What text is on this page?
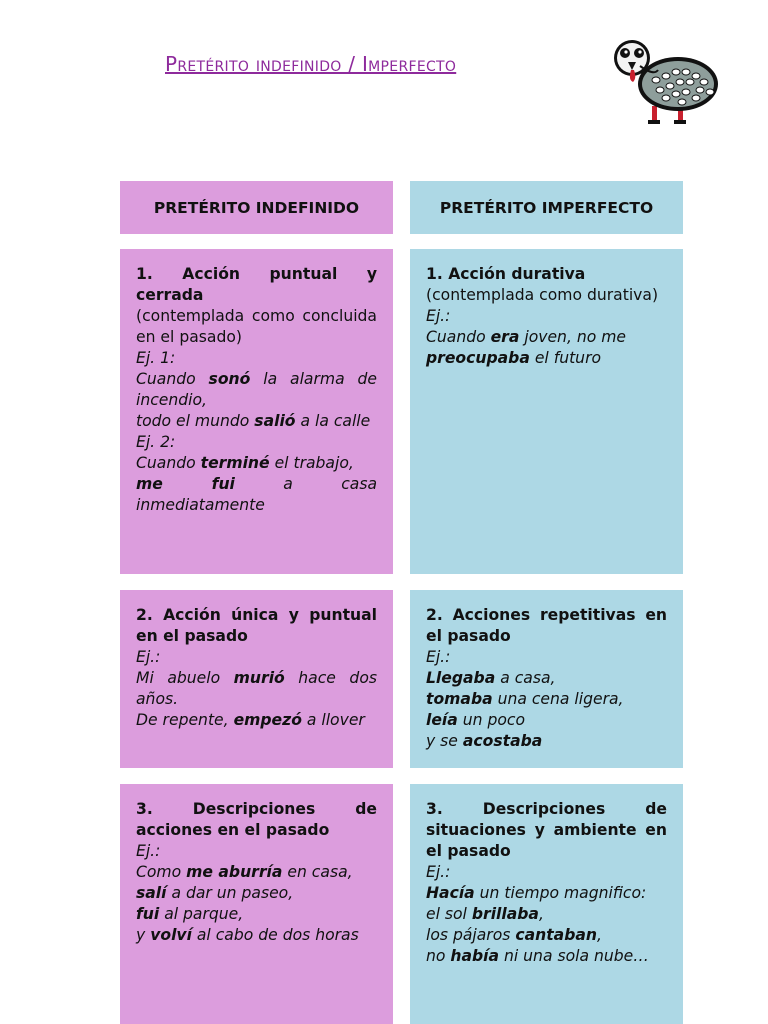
Pretérito indefinido / Imperfecto
PRETÉRITO INDEFINIDO	PRETÉRITO IMPERFECTO
1. Acción puntual y cerrada
(contemplada como concluida en el pasado)
Ej. 1:
Cuando sonó la alarma de incendio,
todo el mundo salió a la calle
Ej. 2:
Cuando terminé el trabajo,
me fui a casa inmediatamente
1. Acción durativa
(contemplada como durativa)
Ej.:
Cuando era joven, no me
preocupaba el futuro
2. Acción única y puntual en el pasado
Ej.:
Mi abuelo murió hace dos años.
De repente, empezó a llover
2. Acciones repetitivas en el pasado
Ej.:
Llegaba a casa,
tomaba una cena ligera,
leía un poco
y se acostaba
3. Descripciones de acciones en el pasado
Ej.:
Como me aburría en casa,
salí a dar un paseo,
fui al parque,
y volví al cabo de dos horas
3. Descripciones de situaciones y ambiente en el pasado
Ej.:
Hacía un tiempo magnifico:
el sol brillaba,
los pájaros cantaban,
no había ni una sola nube…
